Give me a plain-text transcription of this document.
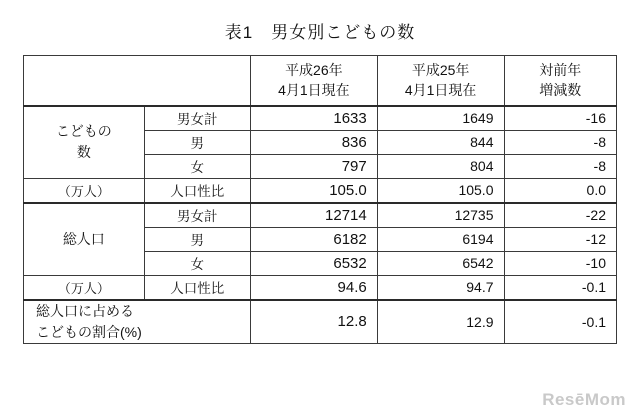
表1　男女別こどもの数

		平成26年
4月1日現在	平成25年
4月1日現在	対前年
増減数

こどもの
数	男女計	1633	1649	-16
	男	836	844	-8
	女	797	804	-8
（万人）	人口性比	105.0	105.0	0.0
総人口	男女計	12714	12735	-22
	男	6182	6194	-12
	女	6532	6542	-10
（万人）	人口性比	94.6	94.7	-0.1
総人口に占める
こどもの割合(%)		12.8	12.9	-0.1
ResēMom
